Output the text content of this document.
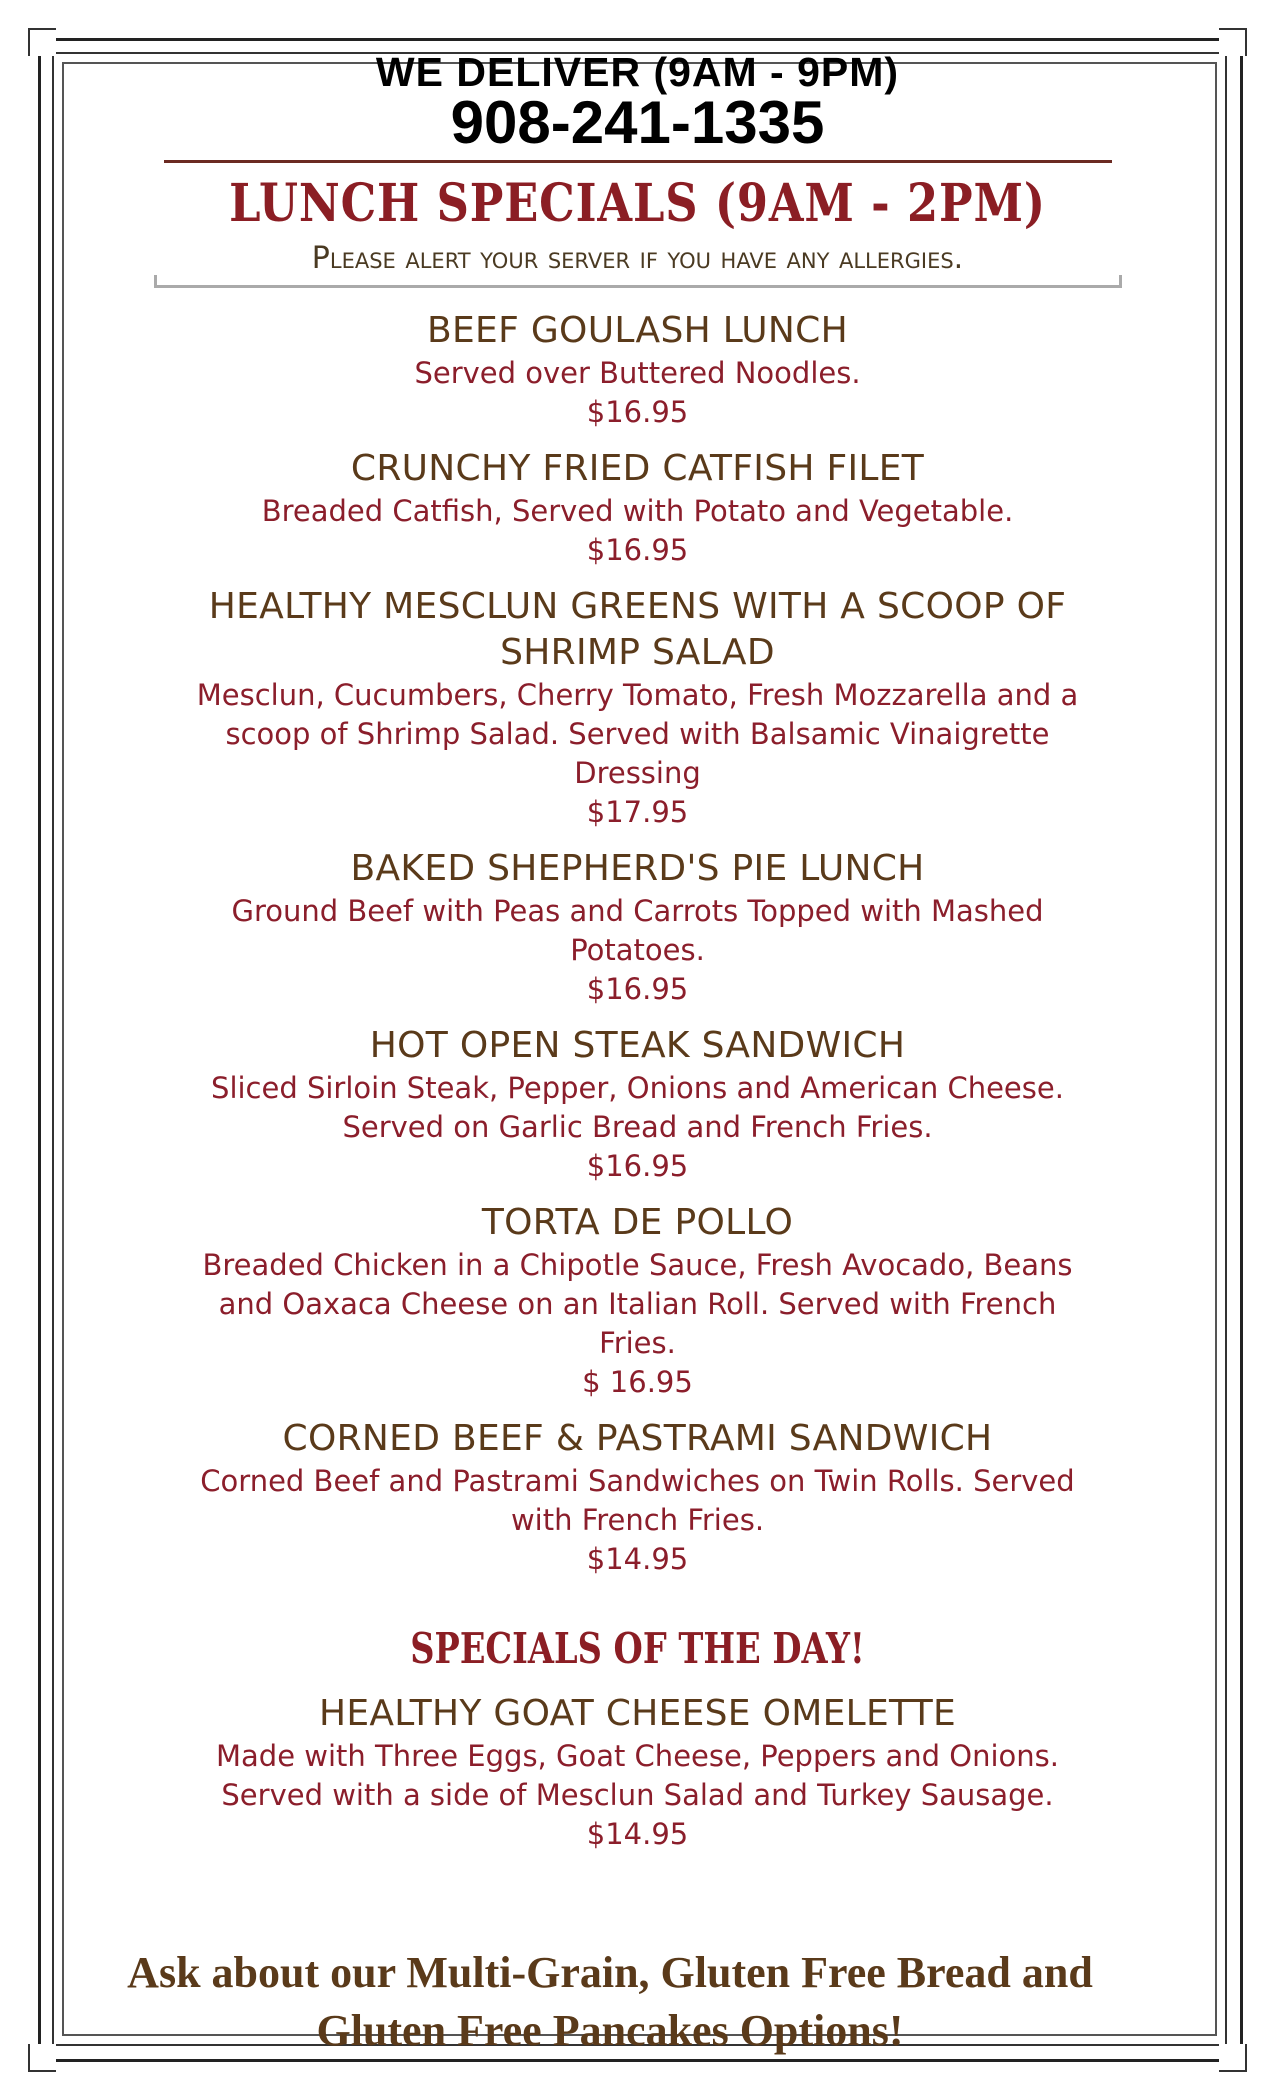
WE DELIVER (9AM - 9PM)
908-241-1335
LUNCH SPECIALS (9AM - 2PM)
Please alert your server if you have any allergies.
BEEF GOULASH LUNCH
Served over Buttered Noodles.
$16.95
CRUNCHY FRIED CATFISH FILET
Breaded Catfish, Served with Potato and Vegetable.
$16.95
HEALTHY MESCLUN GREENS WITH A SCOOP OF SHRIMP SALAD
Mesclun, Cucumbers, Cherry Tomato, Fresh Mozzarella and a scoop of Shrimp Salad. Served with Balsamic Vinaigrette Dressing
$17.95
BAKED SHEPHERD'S PIE LUNCH
Ground Beef with Peas and Carrots Topped with Mashed Potatoes.
$16.95
HOT OPEN STEAK SANDWICH
Sliced Sirloin Steak, Pepper, Onions and American Cheese. Served on Garlic Bread and French Fries.
$16.95
TORTA DE POLLO
Breaded Chicken in a Chipotle Sauce, Fresh Avocado, Beans and Oaxaca Cheese on an Italian Roll. Served with French Fries.
$ 16.95
CORNED BEEF & PASTRAMI SANDWICH
Corned Beef and Pastrami Sandwiches on Twin Rolls. Served with French Fries.
$14.95
SPECIALS OF THE DAY!
HEALTHY GOAT CHEESE OMELETTE
Made with Three Eggs, Goat Cheese, Peppers and Onions. Served with a side of Mesclun Salad and Turkey Sausage.
$14.95
Ask about our Multi-Grain, Gluten Free Bread and Gluten Free Pancakes Options!
